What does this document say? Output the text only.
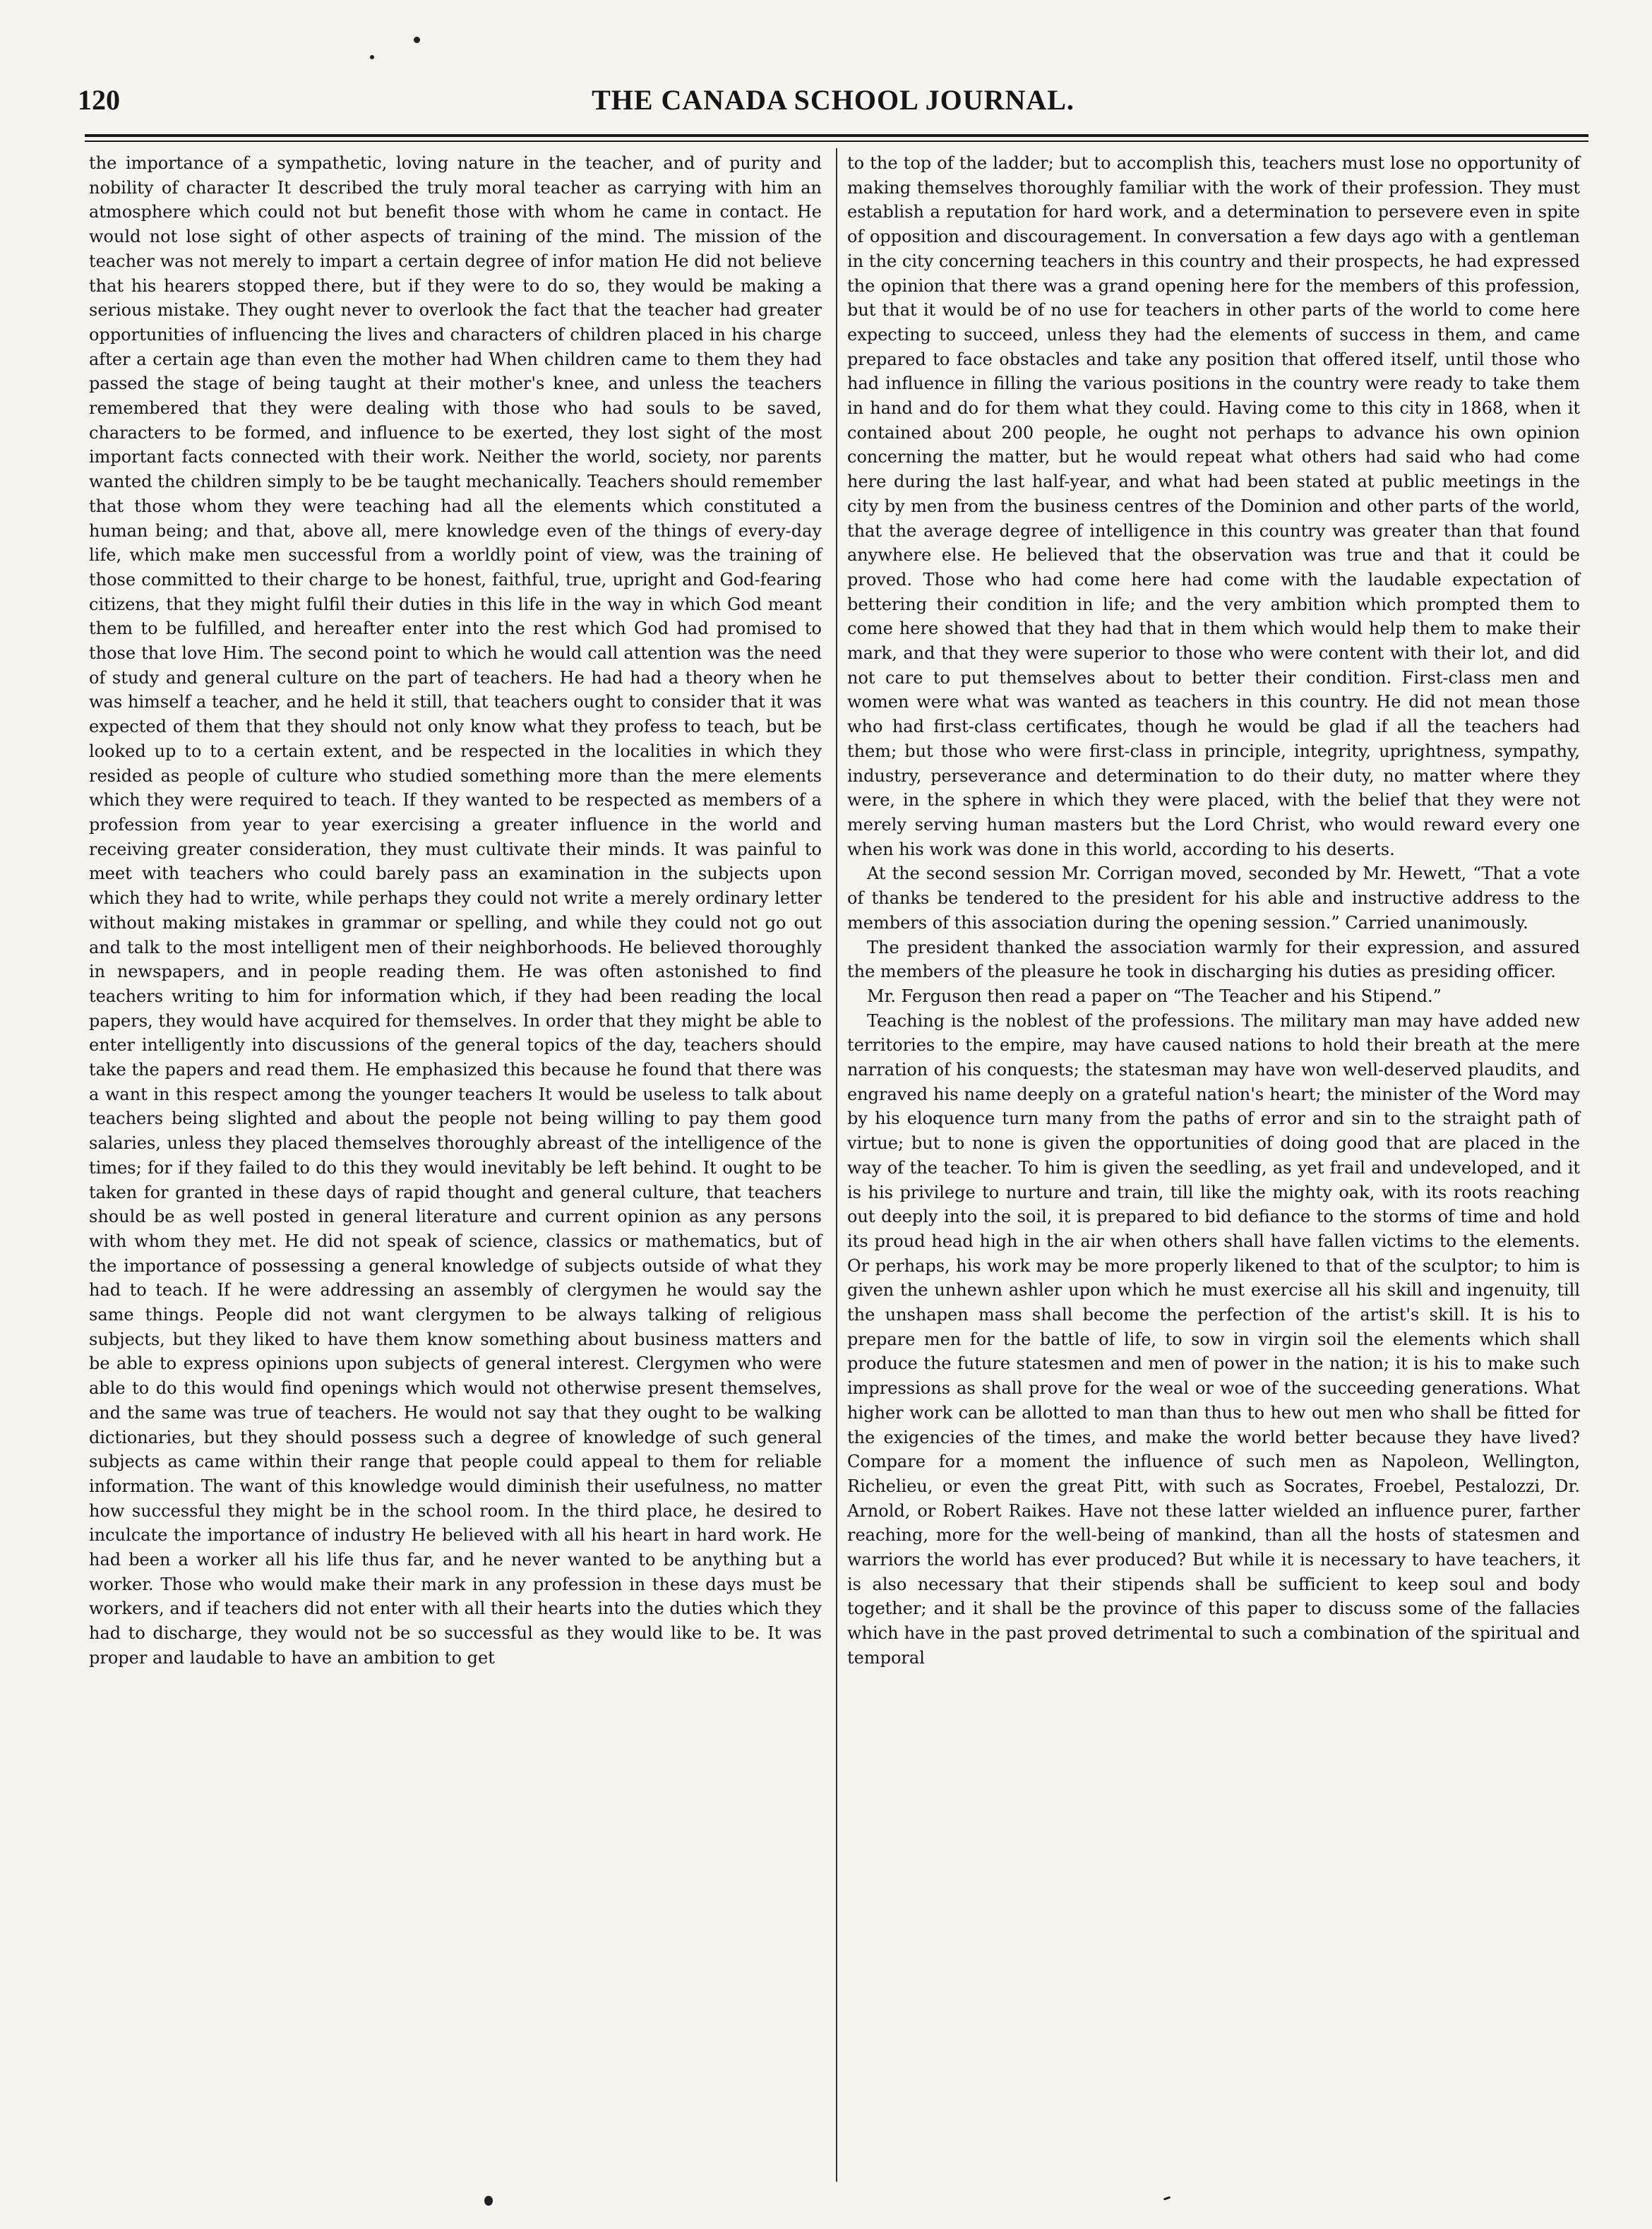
120	THE CANADA SCHOOL JOURNAL.

the importance of a sympathetic, loving nature in the teacher, and of purity and nobility of character It described the truly moral teacher as carrying with him an atmosphere which could not but benefit those with whom he came in contact. He would not lose sight of other aspects of training of the mind. The mission of the teacher was not merely to impart a certain degree of infor mation He did not believe that his hearers stopped there, but if they were to do so, they would be making a serious mistake. They ought never to overlook the fact that the teacher had greater opportunities of influencing the lives and characters of children placed in his charge after a certain age than even the mother had When children came to them they had passed the stage of being taught at their mother's knee, and unless the teachers remembered that they were dealing with those who had souls to be saved, characters to be formed, and influence to be exerted, they lost sight of the most important facts connected with their work. Neither the world, society, nor parents wanted the children simply to be be taught mechanically. Teachers should remember that those whom they were teaching had all the elements which constituted a human being; and that, above all, mere knowledge even of the things of every-day life, which make men successful from a worldly point of view, was the training of those committed to their charge to be honest, faithful, true, upright and God-fearing citizens, that they might fulfil their duties in this life in the way in which God meant them to be fulfilled, and hereafter enter into the rest which God had promised to those that love Him. The second point to which he would call attention was the need of study and general culture on the part of teachers. He had had a theory when he was himself a teacher, and he held it still, that teachers ought to consider that it was expected of them that they should not only know what they profess to teach, but be looked up to to a certain extent, and be respected in the localities in which they resided as people of culture who studied something more than the mere elements which they were required to teach. If they wanted to be respected as members of a profession from year to year exercising a greater influence in the world and receiving greater consideration, they must cultivate their minds. It was painful to meet with teachers who could barely pass an examination in the subjects upon which they had to write, while perhaps they could not write a merely ordinary letter without making mistakes in grammar or spelling, and while they could not go out and talk to the most intelligent men of their neighborhoods. He believed thoroughly in newspapers, and in people reading them. He was often astonished to find teachers writing to him for information which, if they had been reading the local papers, they would have acquired for themselves. In order that they might be able to enter intelligently into discussions of the general topics of the day, teachers should take the papers and read them. He emphasized this because he found that there was a want in this respect among the younger teachers It would be useless to talk about teachers being slighted and about the people not being willing to pay them good salaries, unless they placed themselves thoroughly abreast of the intelligence of the times; for if they failed to do this they would inevitably be left behind. It ought to be taken for granted in these days of rapid thought and general culture, that teachers should be as well posted in general literature and current opinion as any persons with whom they met. He did not speak of science, classics or mathematics, but of the importance of possessing a general knowledge of subjects outside of what they had to teach. If he were addressing an assembly of clergymen he would say the same things. People did not want clergymen to be always talking of religious subjects, but they liked to have them know something about business matters and be able to express opinions upon subjects of general interest. Clergymen who were able to do this would find openings which would not otherwise present themselves, and the same was true of teachers. He would not say that they ought to be walking dictionaries, but they should possess such a degree of knowledge of such general subjects as came within their range that people could appeal to them for reliable information. The want of this knowledge would diminish their usefulness, no matter how successful they might be in the school room. In the third place, he desired to inculcate the importance of industry He believed with all his heart in hard work. He had been a worker all his life thus far, and he never wanted to be anything but a worker. Those who would make their mark in any profession in these days must be workers, and if teachers did not enter with all their hearts into the duties which they had to discharge, they would not be so successful as they would like to be. It was proper and laudable to have an ambition to get

to the top of the ladder; but to accomplish this, teachers must lose no opportunity of making themselves thoroughly familiar with the work of their profession. They must establish a reputation for hard work, and a determination to persevere even in spite of opposition and discouragement. In conversation a few days ago with a gentleman in the city concerning teachers in this country and their prospects, he had expressed the opinion that there was a grand opening here for the members of this profession, but that it would be of no use for teachers in other parts of the world to come here expecting to succeed, unless they had the elements of success in them, and came prepared to face obstacles and take any position that offered itself, until those who had influence in filling the various positions in the country were ready to take them in hand and do for them what they could. Having come to this city in 1868, when it contained about 200 people, he ought not perhaps to advance his own opinion concerning the matter, but he would repeat what others had said who had come here during the last half-year, and what had been stated at public meetings in the city by men from the business centres of the Dominion and other parts of the world, that the average degree of intelligence in this country was greater than that found anywhere else. He believed that the observation was true and that it could be proved. Those who had come here had come with the laudable expectation of bettering their condition in life; and the very ambition which prompted them to come here showed that they had that in them which would help them to make their mark, and that they were superior to those who were content with their lot, and did not care to put themselves about to better their condition. First-class men and women were what was wanted as teachers in this country. He did not mean those who had first-class certificates, though he would be glad if all the teachers had them; but those who were first-class in principle, integrity, uprightness, sympathy, industry, perseverance and determination to do their duty, no matter where they were, in the sphere in which they were placed, with the belief that they were not merely serving human masters but the Lord Christ, who would reward every one when his work was done in this world, according to his deserts.

At the second session Mr. Corrigan moved, seconded by Mr. Hewett, “That a vote of thanks be tendered to the president for his able and instructive address to the members of this association during the opening session.” Carried unanimously.

The president thanked the association warmly for their expression, and assured the members of the pleasure he took in discharging his duties as presiding officer.

Mr. Ferguson then read a paper on “The Teacher and his Stipend.”

Teaching is the noblest of the professions. The military man may have added new territories to the empire, may have caused nations to hold their breath at the mere narration of his conquests; the statesman may have won well-deserved plaudits, and engraved his name deeply on a grateful nation's heart; the minister of the Word may by his eloquence turn many from the paths of error and sin to the straight path of virtue; but to none is given the opportunities of doing good that are placed in the way of the teacher. To him is given the seedling, as yet frail and undeveloped, and it is his privilege to nurture and train, till like the mighty oak, with its roots reaching out deeply into the soil, it is prepared to bid defiance to the storms of time and hold its proud head high in the air when others shall have fallen victims to the elements. Or perhaps, his work may be more properly likened to that of the sculptor; to him is given the unhewn ashler upon which he must exercise all his skill and ingenuity, till the unshapen mass shall become the perfection of the artist's skill. It is his to prepare men for the battle of life, to sow in virgin soil the elements which shall produce the future statesmen and men of power in the nation; it is his to make such impressions as shall prove for the weal or woe of the succeeding generations. What higher work can be allotted to man than thus to hew out men who shall be fitted for the exigencies of the times, and make the world better because they have lived? Compare for a moment the influence of such men as Napoleon, Wellington, Richelieu, or even the great Pitt, with such as Socrates, Froebel, Pestalozzi, Dr. Arnold, or Robert Raikes. Have not these latter wielded an influence purer, farther reaching, more for the well-being of mankind, than all the hosts of statesmen and warriors the world has ever produced? But while it is necessary to have teachers, it is also necessary that their stipends shall be sufficient to keep soul and body together; and it shall be the province of this paper to discuss some of the fallacies which have in the past proved detrimental to such a combination of the spiritual and temporal
